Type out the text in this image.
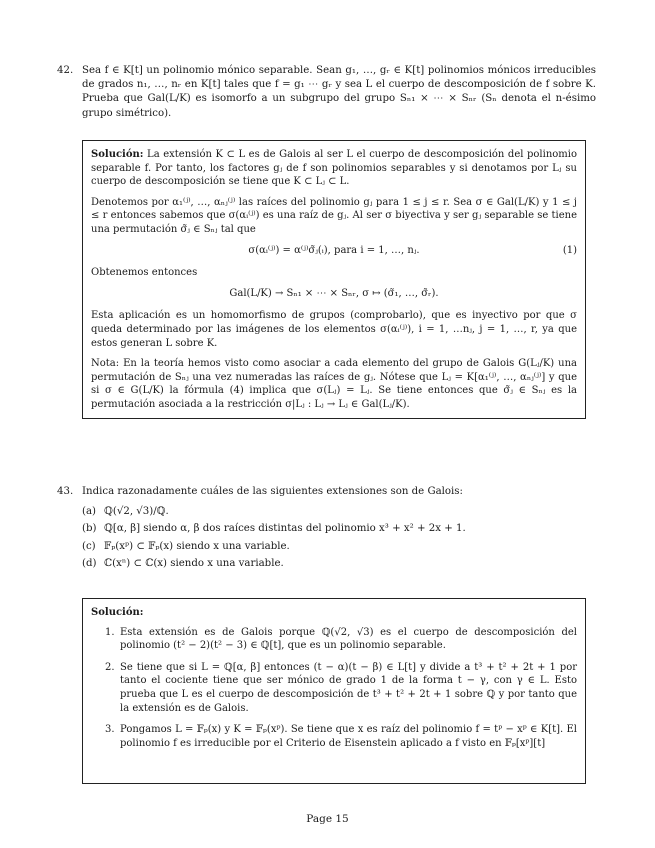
42. Sea f ∈ K[t] un polinomio mónico separable. Sean g₁, …, gᵣ ∈ K[t] polinomios mónicos irreducibles de grados n₁, …, nᵣ en K[t] tales que f = g₁ ⋯ gᵣ y sea L el cuerpo de descomposición de f sobre K. Prueba que Gal(L/K) es isomorfo a un subgrupo del grupo Sₙ₁ × ⋯ × Sₙᵣ (Sₙ denota el n-ésimo grupo simétrico).

Solución: La extensión K ⊂ L es de Galois al ser L el cuerpo de descomposición del polinomio separable f. Por tanto, los factores gⱼ de f son polinomios separables y si denotamos por Lⱼ su cuerpo de descomposición se tiene que K ⊂ Lⱼ ⊂ L.

Denotemos por α₁⁽ʲ⁾, …, αₙⱼ⁽ʲ⁾ las raíces del polinomio gⱼ para 1 ≤ j ≤ r. Sea σ ∈ Gal(L/K) y 1 ≤ j ≤ r entonces sabemos que σ(αᵢ⁽ʲ⁾) es una raíz de gⱼ. Al ser σ biyectiva y ser gⱼ separable se tiene una permutación σ̃ⱼ ∈ Sₙⱼ tal que

σ(αᵢ⁽ʲ⁾) = α⁽ʲ⁾σ̃ⱼ(ᵢ), para i = 1, …, nⱼ.	(1)

Obtenemos entonces

Gal(L/K) → Sₙ₁ × ⋯ × Sₙᵣ, σ ↦ (σ̃₁, …, σ̃ᵣ).

Esta aplicación es un homomorfismo de grupos (comprobarlo), que es inyectivo por que σ queda determinado por las imágenes de los elementos σ(αᵢ⁽ʲ⁾), i = 1, …nⱼ, j = 1, …, r, ya que estos generan L sobre K.

Nota: En la teoría hemos visto como asociar a cada elemento del grupo de Galois G(Lⱼ/K) una permutación de Sₙⱼ una vez numeradas las raíces de gⱼ. Nótese que Lⱼ = K[α₁⁽ʲ⁾, …, αₙⱼ⁽ʲ⁾] y que si σ ∈ G(L/K) la fórmula (4) implica que σ(Lⱼ) = Lⱼ. Se tiene entonces que σ̃ⱼ ∈ Sₙⱼ es la permutación asociada a la restricción σ|Lⱼ : Lⱼ → Lⱼ ∈ Gal(Lⱼ/K).

43. Indica razonadamente cuáles de las siguientes extensiones son de Galois:
(a) ℚ(√2, √3)/ℚ.
(b) ℚ[α, β] siendo α, β dos raíces distintas del polinomio x³ + x² + 2x + 1.
(c) 𝔽ₚ(xᵖ) ⊂ 𝔽ₚ(x) siendo x una variable.
(d) ℂ(xⁿ) ⊂ ℂ(x) siendo x una variable.

Solución:

1. Esta extensión es de Galois porque ℚ(√2, √3) es el cuerpo de descomposición del polinomio (t² − 2)(t² − 3) ∈ ℚ[t], que es un polinomio separable.
2. Se tiene que si L = ℚ[α, β] entonces (t − α)(t − β) ∈ L[t] y divide a t³ + t² + 2t + 1 por tanto el cociente tiene que ser mónico de grado 1 de la forma t − γ, con γ ∈ L. Esto prueba que L es el cuerpo de descomposición de t³ + t² + 2t + 1 sobre ℚ y por tanto que la extensión es de Galois.
3. Pongamos L = 𝔽ₚ(x) y K = 𝔽ₚ(xᵖ). Se tiene que x es raíz del polinomio f = tᵖ − xᵖ ∈ K[t]. El polinomio f es irreducible por el Criterio de Eisenstein aplicado a f visto en 𝔽ₚ[xᵖ][t]
Page 15
